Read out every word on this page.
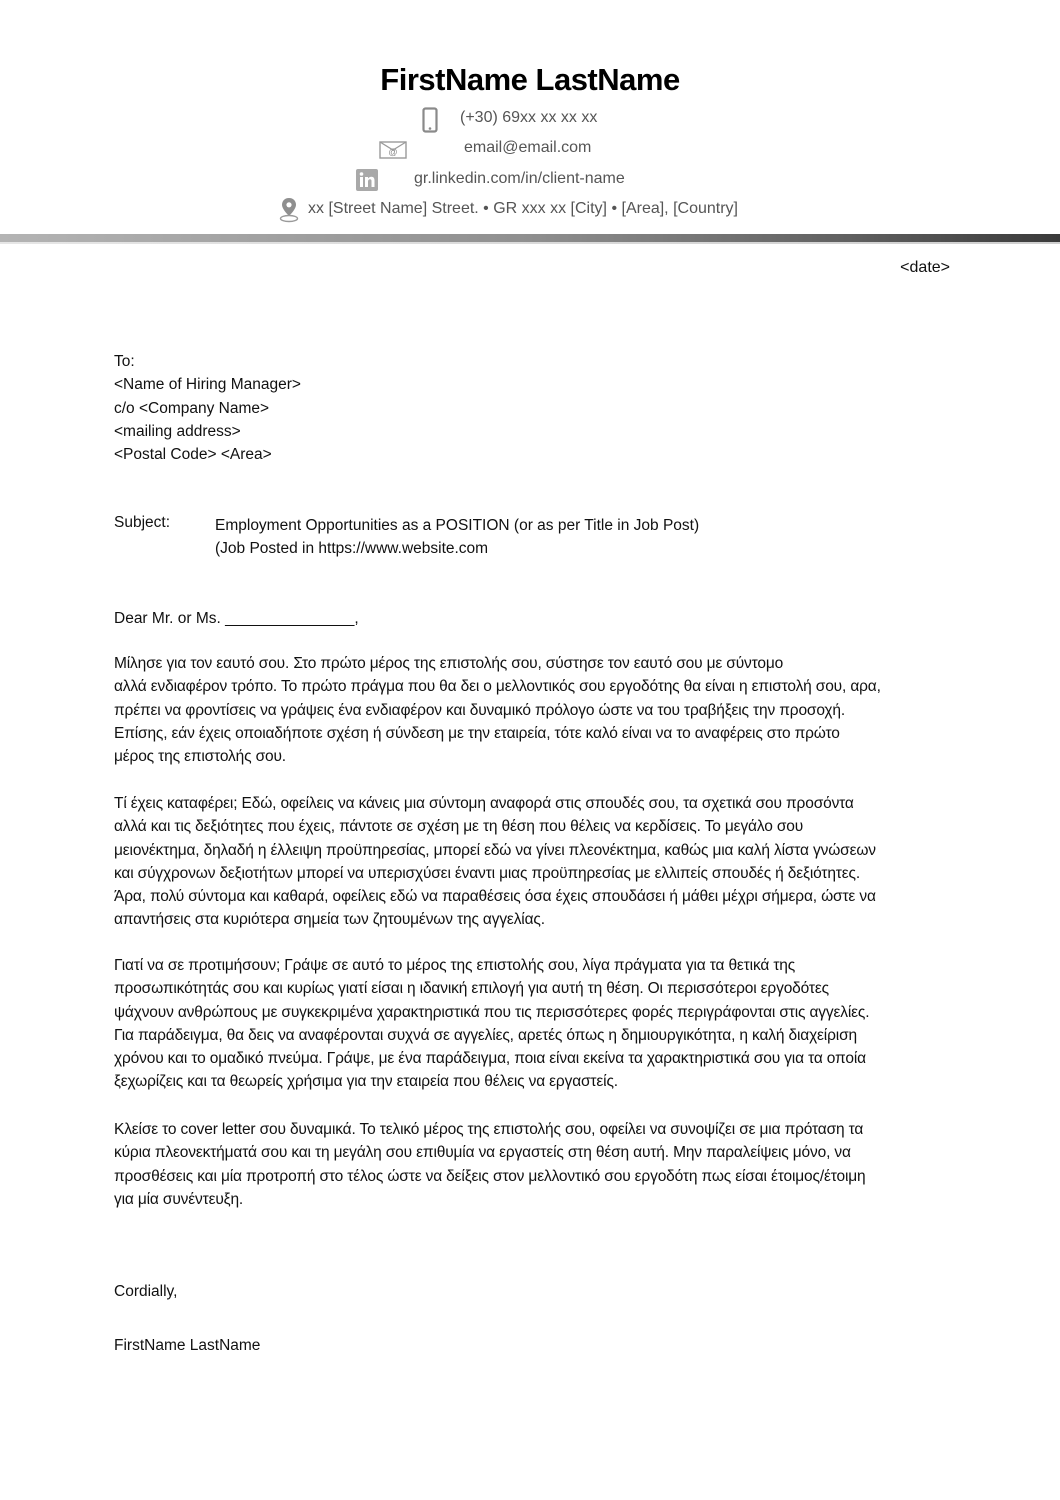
FirstName LastName
(+30) 69xx xx xx xx
@	email@email.com
gr.linkedin.com/in/client-name
xx [Street Name] Street. • GR xxx xx [City] • [Area], [Country]
<date>
To:
<Name of Hiring Manager>
c/o <Company Name>
<mailing address>
<Postal Code> <Area>
Subject:	Employment Opportunities as a POSITION (or as per Title in Job Post)
(Job Posted in https://www.website.com
Dear Mr. or Ms. _______________,
Μίλησε για τον εαυτό σου. Στο πρώτο μέρος της επιστολής σου, σύστησε τον εαυτό σου με σύντομο
αλλά ενδιαφέρον τρόπο. Το πρώτο πράγμα που θα δει ο μελλοντικός σου εργοδότης θα είναι η επιστολή σου, αρα,
πρέπει να φροντίσεις να γράψεις ένα ενδιαφέρον και δυναμικό πρόλογο ώστε να του τραβήξεις την προσοχή.
Επίσης, εάν έχεις οποιαδήποτε σχέση ή σύνδεση με την εταιρεία, τότε καλό είναι να το αναφέρεις στο πρώτο
μέρος της επιστολής σου.
Τί έχεις καταφέρει; Εδώ, οφείλεις να κάνεις μια σύντομη αναφορά στις σπουδές σου, τα σχετικά σου προσόντα
αλλά και τις δεξιότητες που έχεις, πάντοτε σε σχέση με τη θέση που θέλεις να κερδίσεις. Το μεγάλο σου
μειονέκτημα, δηλαδή η έλλειψη προϋπηρεσίας, μπορεί εδώ να γίνει πλεονέκτημα, καθώς μια καλή λίστα γνώσεων
και σύγχρονων δεξιοτήτων μπορεί να υπερισχύσει έναντι μιας προϋπηρεσίας με ελλιπείς σπουδές ή δεξιότητες.
Άρα, πολύ σύντομα και καθαρά, οφείλεις εδώ να παραθέσεις όσα έχεις σπουδάσει ή μάθει μέχρι σήμερα, ώστε να
απαντήσεις στα κυριότερα σημεία των ζητουμένων της αγγελίας.
Γιατί να σε προτιμήσουν; Γράψε σε αυτό το μέρος της επιστολής σου, λίγα πράγματα για τα θετικά της
προσωπικότητάς σου και κυρίως γιατί είσαι η ιδανική επιλογή για αυτή τη θέση. Οι περισσότεροι εργοδότες
ψάχνουν ανθρώπους με συγκεκριμένα χαρακτηριστικά που τις περισσότερες φορές περιγράφονται στις αγγελίες.
Για παράδειγμα, θα δεις να αναφέρονται συχνά σε αγγελίες, αρετές όπως η δημιουργικότητα, η καλή διαχείριση
χρόνου και το ομαδικό πνεύμα. Γράψε, με ένα παράδειγμα, ποια είναι εκείνα τα χαρακτηριστικά σου για τα οποία
ξεχωρίζεις και τα θεωρείς χρήσιμα για την εταιρεία που θέλεις να εργαστείς.
Κλείσε το cover letter σου δυναμικά. Το τελικό μέρος της επιστολής σου, οφείλει να συνοψίζει σε μια πρόταση τα
κύρια πλεονεκτήματά σου και τη μεγάλη σου επιθυμία να εργαστείς στη θέση αυτή. Μην παραλείψεις μόνο, να
προσθέσεις και μία προτροπή στο τέλος ώστε να δείξεις στον μελλοντικό σου εργοδότη πως είσαι έτοιμος/έτοιμη
για μία συνέντευξη.
Cordially,
FirstName LastName
